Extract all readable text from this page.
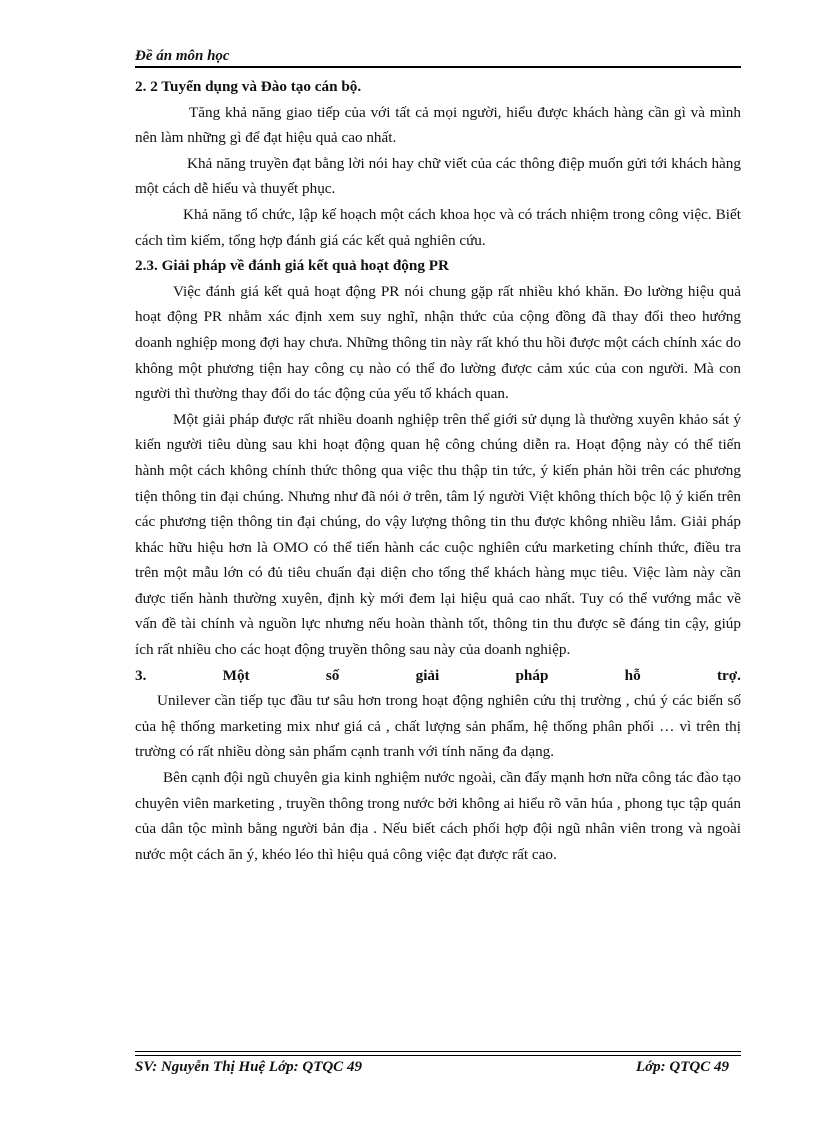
Đề án môn học

2. 2 Tuyển dụng và Đào tạo cán bộ.

Tăng khả năng giao tiếp của với tất cả mọi người, hiểu được khách hàng cần gì và mình nên làm những gì để đạt hiệu quả cao nhất.

Khả năng truyền đạt bằng lời nói hay chữ viết của các thông điệp muốn gửi tới khách hàng một cách dễ hiểu và thuyết phục.

Khả năng tổ chức, lập kế hoạch một cách khoa học và có trách nhiệm trong công việc. Biết cách tìm kiếm, tổng hợp đánh giá các kết quả nghiên cứu.

2.3. Giải pháp về đánh giá kết quả hoạt động PR

Việc đánh giá kết quả hoạt động PR nói chung gặp rất nhiều khó khăn. Đo lường hiệu quả hoạt động PR nhằm xác định xem suy nghĩ, nhận thức của cộng đồng đã thay đổi theo hướng doanh nghiệp mong đợi hay chưa. Những thông tin này rất khó thu hồi được một cách chính xác do không một phương tiện hay công cụ nào có thể đo lường được cảm xúc của con người. Mà con người thì thường thay đổi do tác động của yếu tố khách quan.

Một giải pháp được rất nhiều doanh nghiệp trên thế giới sử dụng là thường xuyên khảo sát ý kiến người tiêu dùng sau khi hoạt động quan hệ công chúng diễn ra. Hoạt động này có thể tiến hành một cách không chính thức thông qua việc thu thập tin tức, ý kiến phản hồi trên các phương tiện thông tin đại chúng. Nhưng như đã nói ở trên, tâm lý người Việt không thích bộc lộ ý kiến trên các phương tiện thông tin đại chúng, do vậy lượng thông tin thu được không nhiều lắm. Giải pháp khác hữu hiệu hơn là OMO có thể tiến hành các cuộc nghiên cứu marketing chính thức, điều tra trên một mẫu lớn có đủ tiêu chuẩn đại diện cho tổng thể khách hàng mục tiêu. Việc làm này cần được tiến hành thường xuyên, định kỳ mới đem lại hiệu quả cao nhất. Tuy có thể vướng mắc về vấn đề tài chính và nguồn lực nhưng nếu hoàn thành tốt, thông tin thu được sẽ đáng tin cậy, giúp ích rất nhiều cho các hoạt động truyền thông sau này của doanh nghiệp.

3.	Một	số	giải	pháp	hỗ	trợ.

Unilever cần tiếp tục đầu tư sâu hơn trong hoạt động nghiên cứu thị trường , chú ý các biến số của hệ thống marketing mix như giá cả , chất lượng sản phẩm, hệ thống phân phối … vì trên thị trường có rất nhiều dòng sản phẩm cạnh tranh với tính năng đa dạng.

Bên cạnh đội ngũ chuyên gia kinh nghiệm nước ngoài, cần đẩy mạnh hơn nữa công tác đào tạo chuyên viên marketing , truyền thông trong nước bởi không ai hiểu rõ văn húa , phong tục tập quán của dân tộc mình bằng người bản địa . Nếu biết cách phối hợp đội ngũ nhân viên trong và ngoài nước một cách ăn ý, khéo léo thì hiệu quả công việc đạt được rất cao.

SV: Nguyễn Thị Huệ Lớp: QTQC 49	Lớp: QTQC 49
